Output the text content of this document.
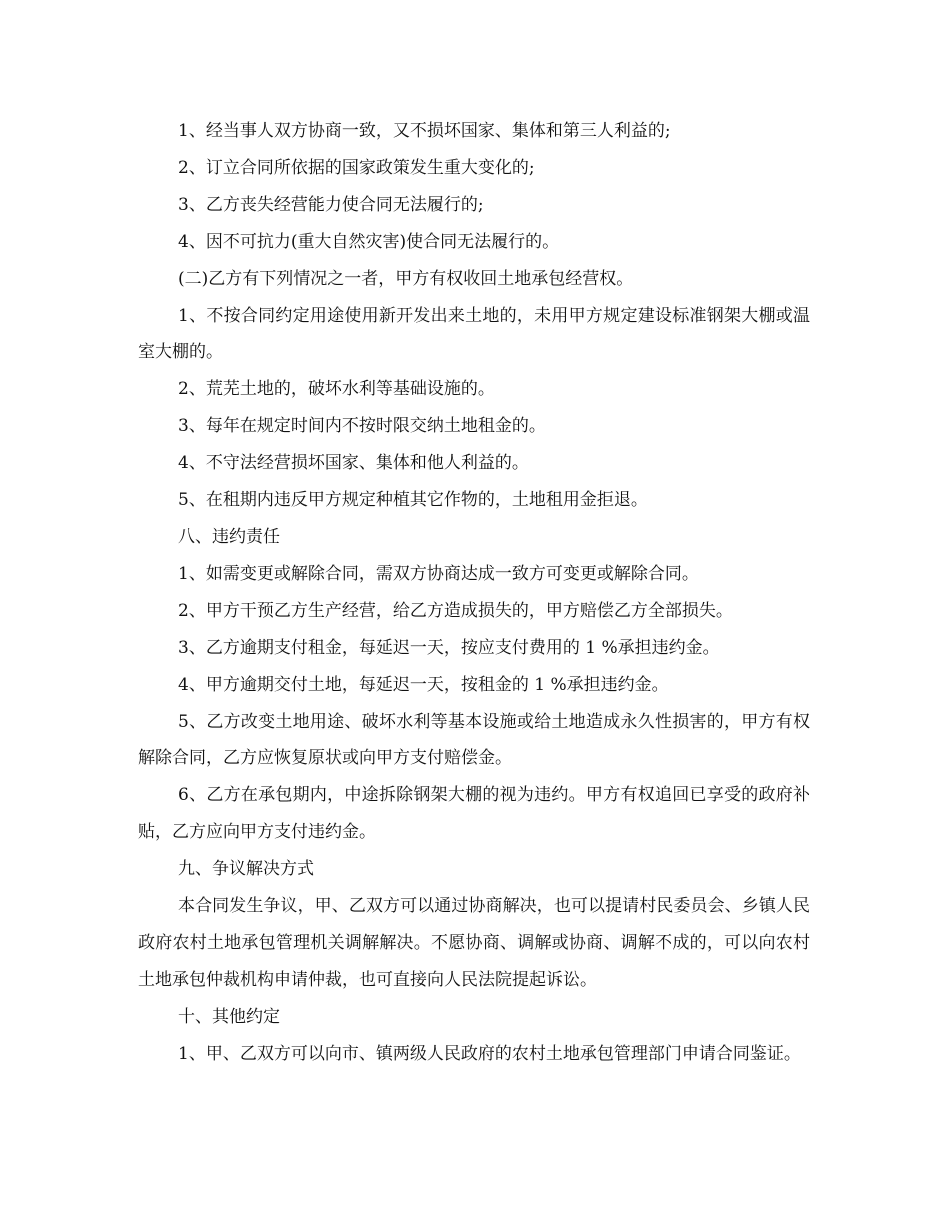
1、经当事人双方协商一致，又不损坏国家、集体和第三人利益的;

2、订立合同所依据的国家政策发生重大变化的;

3、乙方丧失经营能力使合同无法履行的;

4、因不可抗力(重大自然灾害)使合同无法履行的。

(二)乙方有下列情况之一者，甲方有权收回土地承包经营权。

1、不按合同约定用途使用新开发出来土地的，未用甲方规定建设标准钢架大棚或温室大棚的。

2、荒芜土地的，破坏水利等基础设施的。

3、每年在规定时间内不按时限交纳土地租金的。

4、不守法经营损坏国家、集体和他人利益的。

5、在租期内违反甲方规定种植其它作物的，土地租用金拒退。

八、违约责任

1、如需变更或解除合同，需双方协商达成一致方可变更或解除合同。

2、甲方干预乙方生产经营，给乙方造成损失的，甲方赔偿乙方全部损失。

3、乙方逾期支付租金，每延迟一天，按应支付费用的 1 %承担违约金。

4、甲方逾期交付土地，每延迟一天，按租金的 1 %承担违约金。

5、乙方改变土地用途、破坏水利等基本设施或给土地造成永久性损害的，甲方有权解除合同，乙方应恢复原状或向甲方支付赔偿金。

6、乙方在承包期内，中途拆除钢架大棚的视为违约。甲方有权追回已享受的政府补贴，乙方应向甲方支付违约金。

九、争议解决方式

本合同发生争议，甲、乙双方可以通过协商解决，也可以提请村民委员会、乡镇人民政府农村土地承包管理机关调解解决。不愿协商、调解或协商、调解不成的，可以向农村土地承包仲裁机构申请仲裁，也可直接向人民法院提起诉讼。

十、其他约定

1、甲、乙双方可以向市、镇两级人民政府的农村土地承包管理部门申请合同鉴证。
